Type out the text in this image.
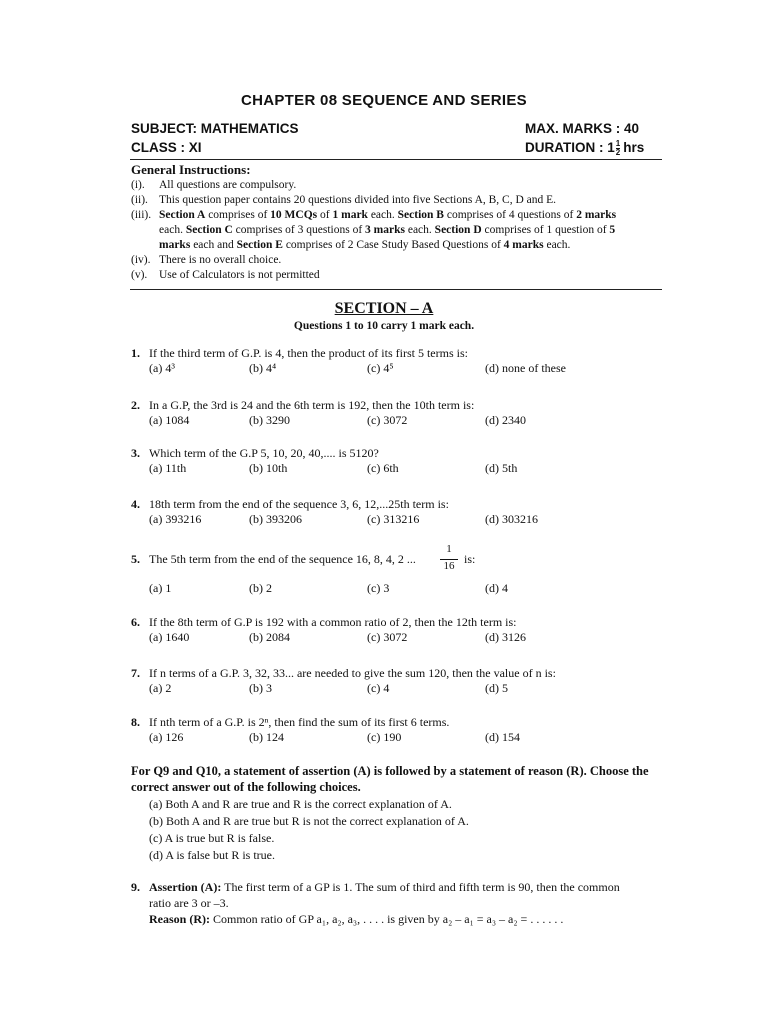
CHAPTER 08 SEQUENCE AND SERIES
SUBJECT: MATHEMATICS	MAX. MARKS : 40
CLASS : XI	DURATION : $1 \frac{1}{2}$ hrs
General Instructions:
(i). All questions are compulsory.
(ii). This question paper contains 20 questions divided into five Sections A, B, C, D and E.
(iii). Section A comprises of 10 MCQs of 1 mark each. Section B comprises of 4 questions of 2 marks
each. Section C comprises of 3 questions of 3 marks each. Section D comprises of 1 question of 5
marks each and Section E comprises of 2 Case Study Based Questions of 4 marks each.
(iv). There is no overall choice.
(v). Use of Calculators is not permitted
SECTION – A
Questions 1 to 10 carry 1 mark each.
1. If the third term of G.P. is 4, then the product of its first 5 terms is:
(a) 4³	(b) 4⁴	(c) 4⁵	(d) none of these
2. In a G.P, the 3rd is 24 and the 6th term is 192, then the 10th term is:
(a) 1084	(b) 3290	(c) 3072	(d) 2340
3. Which term of the G.P 5, 10, 20, 40,.... is 5120?
(a) 11th	(b) 10th	(c) 6th	(d) 5th
4. 18th term from the end of the sequence 3, 6, 12,...25th term is:
(a) 393216	(b) 393206	(c) 313216	(d) 303216
5. The 5th term from the end of the sequence 16, 8, 4, 2 ...
1
16 is:
(a) 1	(b) 2	(c) 3	(d) 4
6. If the 8th term of G.P is 192 with a common ratio of 2, then the 12th term is:
(a) 1640	(b) 2084	(c) 3072	(d) 3126
7. If n terms of a G.P. 3, 32, 33... are needed to give the sum 120, then the value of n is:
(a) 2	(b) 3	(c) 4	(d) 5
8. If nth term of a G.P. is 2ⁿ, then find the sum of its first 6 terms.
(a) 126	(b) 124	(c) 190	(d) 154
For Q9 and Q10, a statement of assertion (A) is followed by a statement of reason (R). Choose the correct answer out of the following choices.
(a) Both A and R are true and R is the correct explanation of A.
(b) Both A and R are true but R is not the correct explanation of A.
(c) A is true but R is false.
(d) A is false but R is true.
9. Assertion (A): The first term of a GP is 1. The sum of third and fifth term is 90, then the common
ratio are 3 or –3.
Reason (R): Common ratio of GP a₁, a₂, a₃, . . . . is given by a₂ – a₁ = a₃ – a₂ = . . . . . .
